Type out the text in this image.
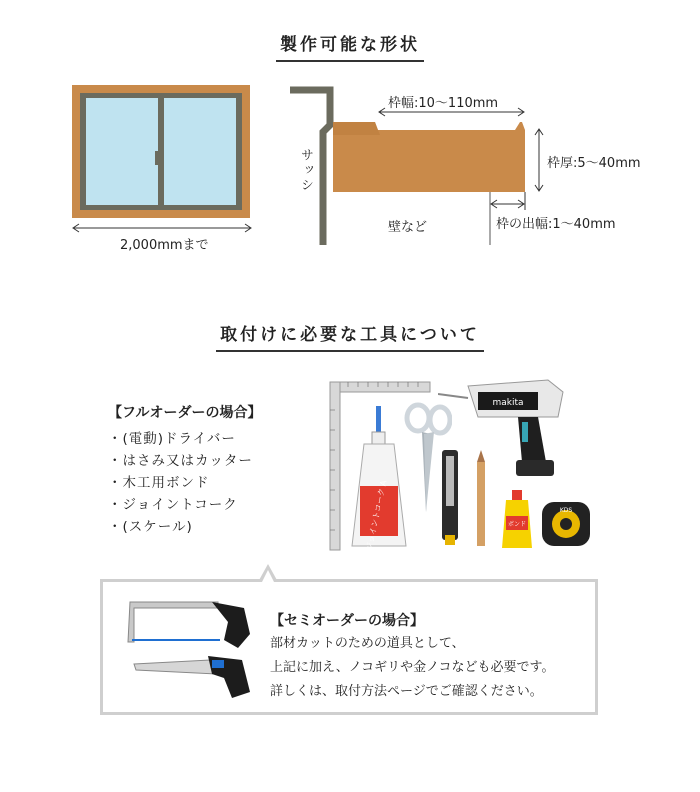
製作可能な形状
2,000mmまで
サッシ
枠幅:10〜110mm
枠厚:5〜40mm
壁など	枠の出幅:1〜40mm
取付けに必要な工具について
【フルオーダーの場合】
・(電動)ドライバー
・はさみ又はカッター
・木工用ボンド
・ジョイントコーク
・(スケール)	ジョイントコーク A
makita
ボンド
KDS
【セミオーダーの場合】
部材カットのための道具として、
上記に加え、ノコギリや金ノコなども必要です。
詳しくは、取付方法ページでご確認ください。
